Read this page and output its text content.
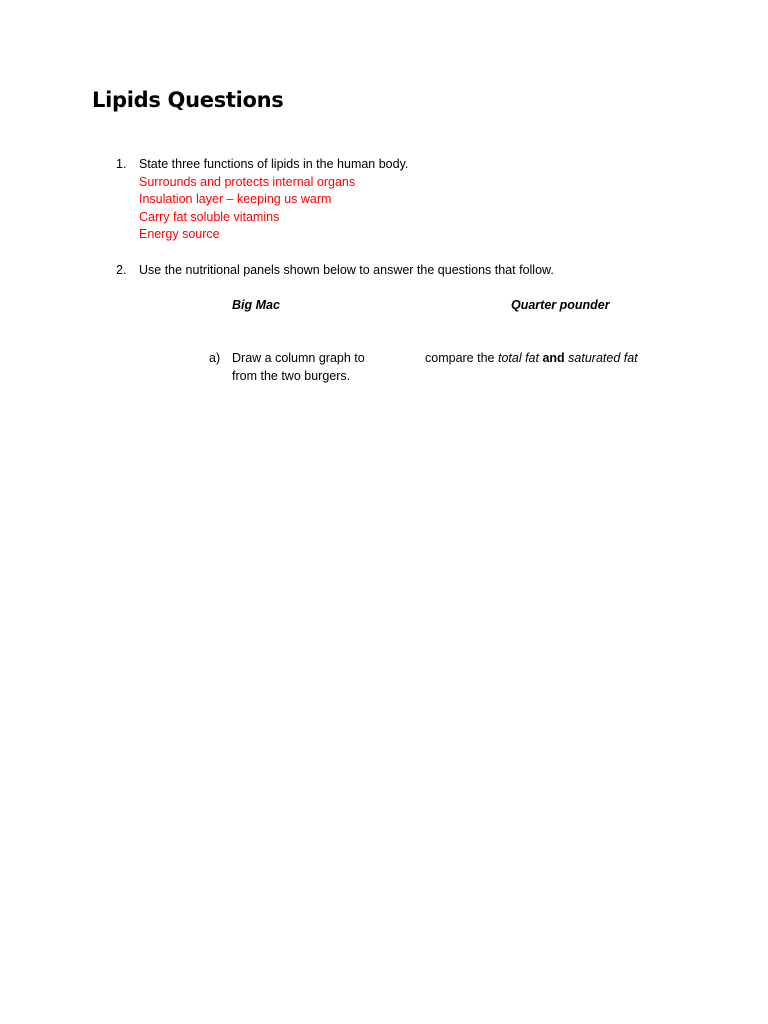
Lipids Questions
1. State three functions of lipids in the human body.
Surrounds and protects internal organs
Insulation layer – keeping us warm
Carry fat soluble vitamins
Energy source
2. Use the nutritional panels shown below to answer the questions that follow.
Big Mac	Quarter pounder
a) Draw a column graph to	compare the total fat and saturated fat
from the two burgers.
